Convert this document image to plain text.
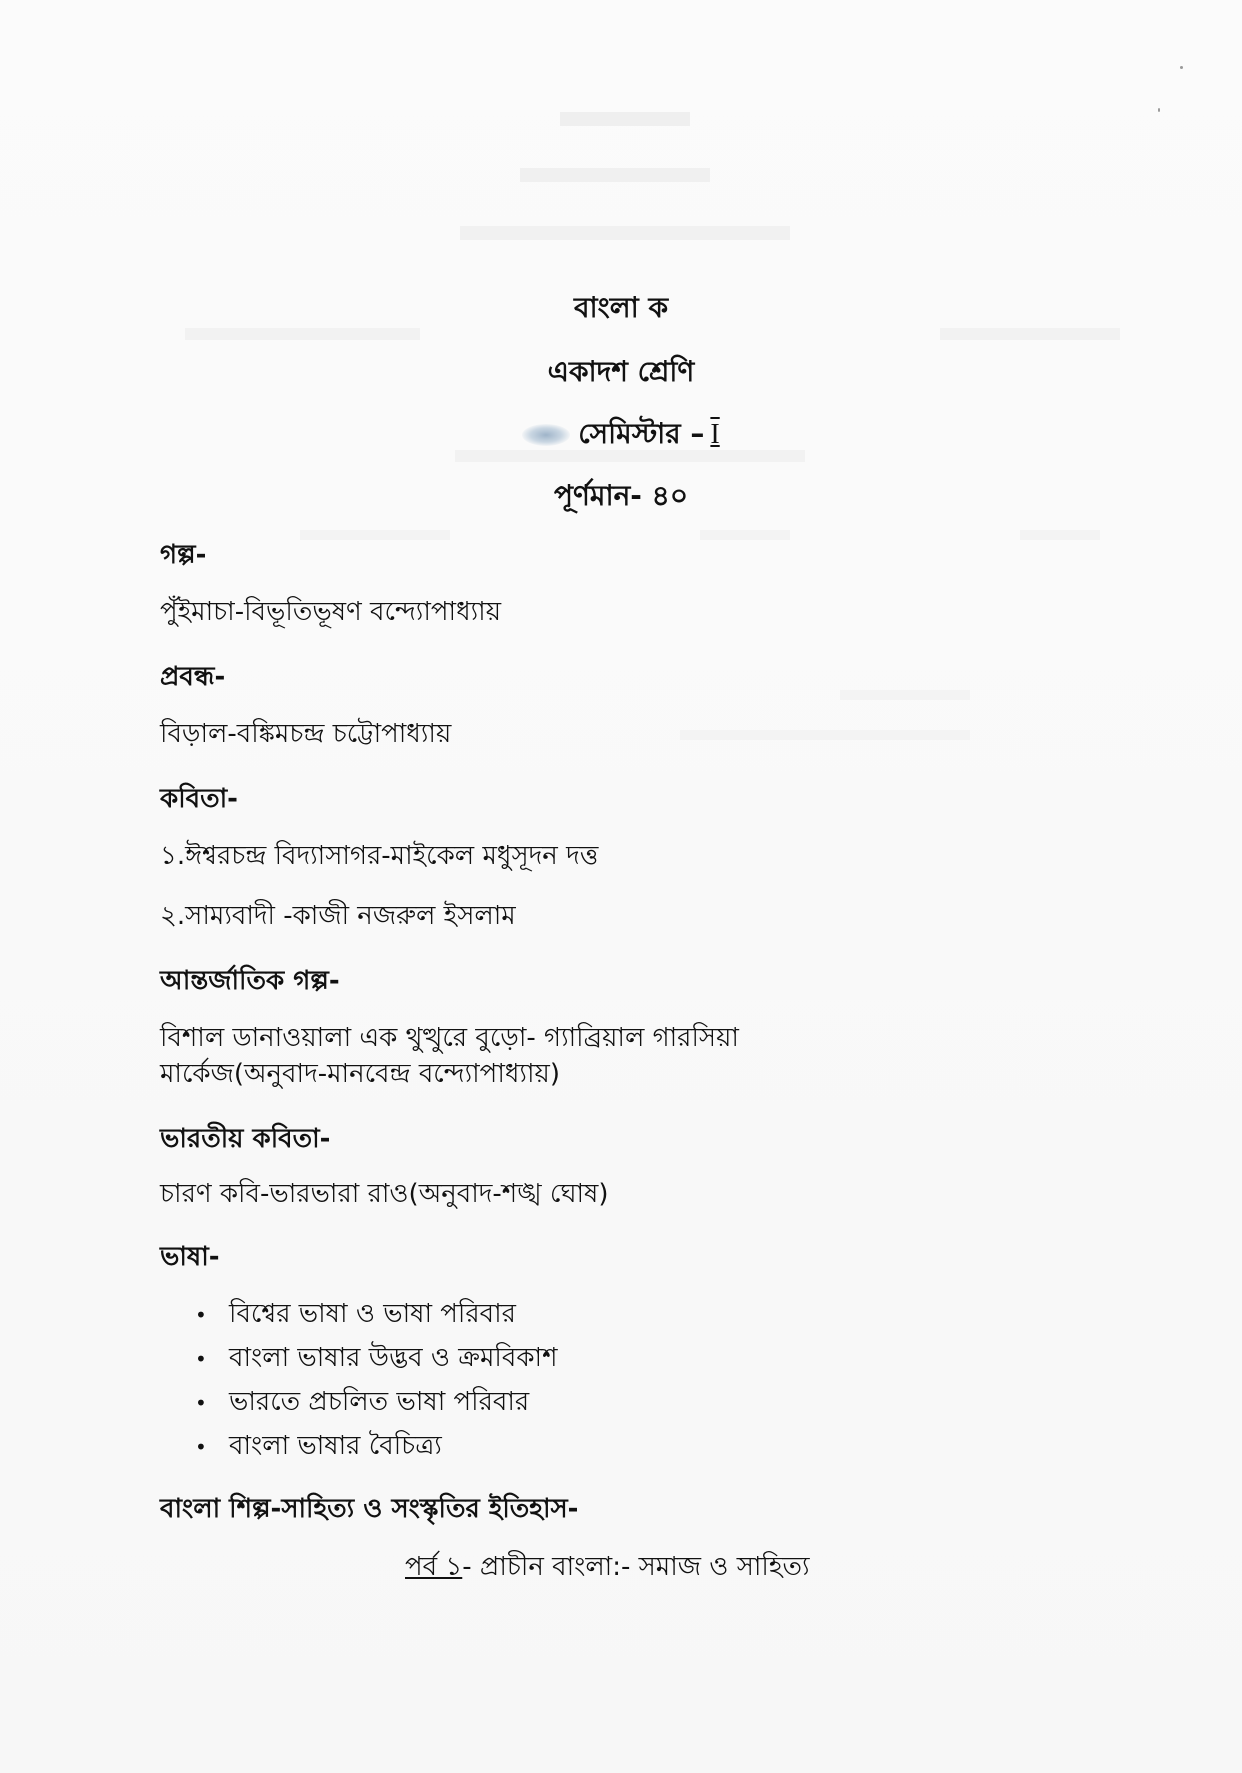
বাংলা ক
একাদশ শ্রেণি
সেমিস্টার – I
পূর্ণমান- ৪০
গল্প-
পুঁইমাচা-বিভূতিভূষণ বন্দ্যোপাধ্যায়
প্রবন্ধ-
বিড়াল-বঙ্কিমচন্দ্র চট্টোপাধ্যায়
কবিতা-
১.ঈশ্বরচন্দ্র বিদ্যাসাগর-মাইকেল মধুসূদন দত্ত
২.সাম্যবাদী -কাজী নজরুল ইসলাম
আন্তর্জাতিক গল্প-
বিশাল ডানাওয়ালা এক থুত্থুরে বুড়ো- গ্যাব্রিয়াল গারসিয়া
মার্কেজ(অনুবাদ-মানবেন্দ্র বন্দ্যোপাধ্যায়)
ভারতীয় কবিতা-
চারণ কবি-ভারভারা রাও(অনুবাদ-শঙ্খ ঘোষ)
ভাষা-
• বিশ্বের ভাষা ও ভাষা পরিবার
• বাংলা ভাষার উদ্ভব ও ক্রমবিকাশ
• ভারতে প্রচলিত ভাষা পরিবার
• বাংলা ভাষার বৈচিত্র্য
বাংলা শিল্প-সাহিত্য ও সংস্কৃতির ইতিহাস-
পর্ব ১- প্রাচীন বাংলা:- সমাজ ও সাহিত্য
